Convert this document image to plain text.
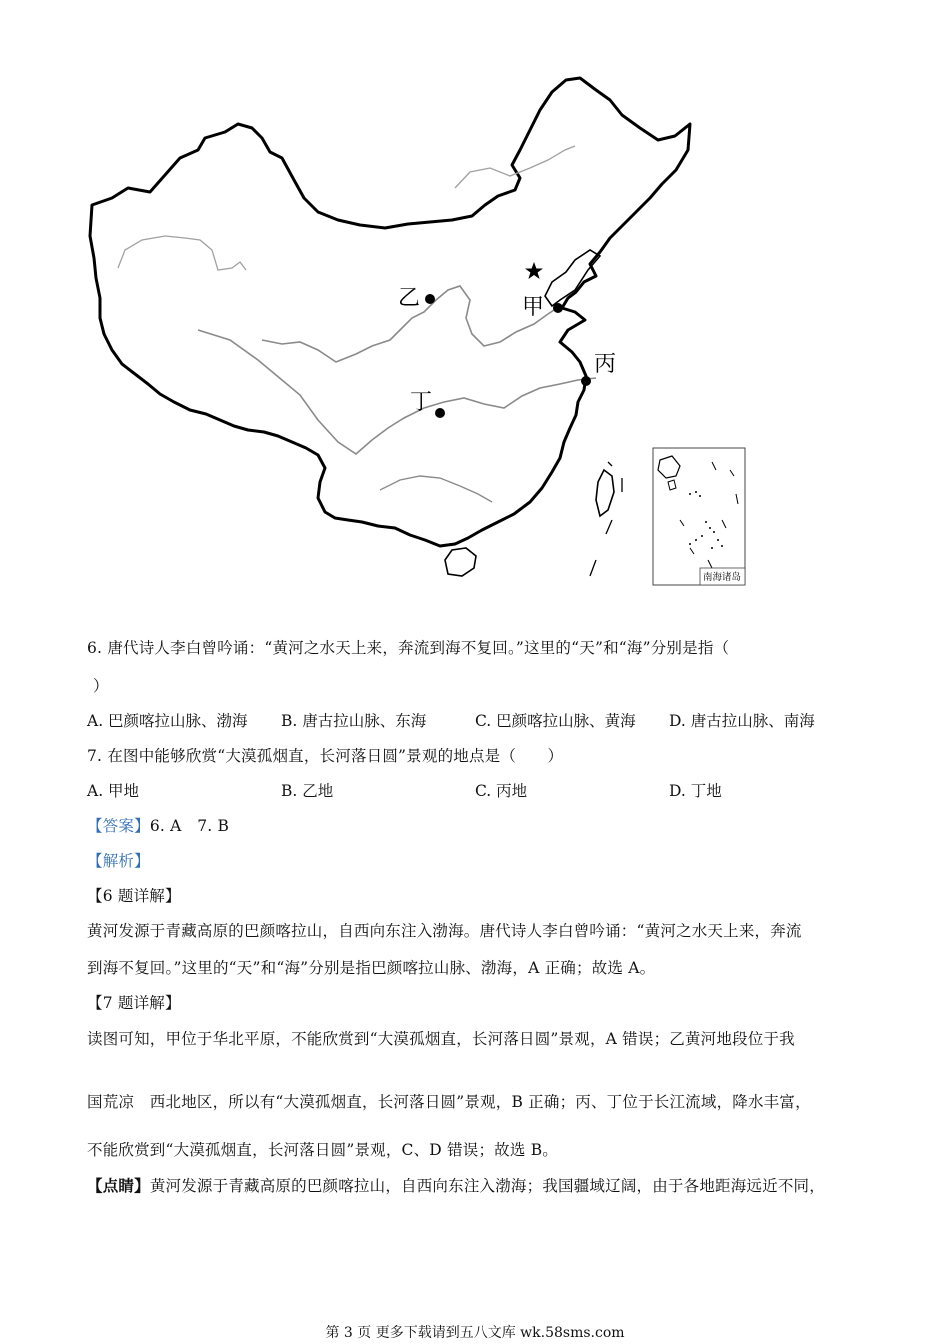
甲
乙
丙
丁
南海诸岛
6. 唐代诗人李白曾吟诵：“黄河之水天上来，奔流到海不复回。”这里的“天”和“海”分别是指（
）
A. 巴颜喀拉山脉、渤海 B. 唐古拉山脉、东海	C. 巴颜喀拉山脉、黄海 D. 唐古拉山脉、南海
7. 在图中能够欣赏“大漠孤烟直，长河落日圆”景观的地点是（　　）
A. 甲地	B. 乙地	C. 丙地	D. 丁地
【答案】6. A　7. B
【解析】
【6 题详解】
黄河发源于青藏高原的巴颜喀拉山，自西向东注入渤海。唐代诗人李白曾吟诵：“黄河之水天上来，奔流
到海不复回。”这里的“天”和“海”分别是指巴颜喀拉山脉、渤海，A 正确；故选 A。
【7 题详解】
读图可知，甲位于华北平原，不能欣赏到“大漠孤烟直，长河落日圆”景观，A 错误；乙黄河地段位于我
国荒凉　西北地区，所以有“大漠孤烟直，长河落日圆”景观，B 正确；丙、丁位于长江流域，降水丰富，
不能欣赏到“大漠孤烟直，长河落日圆”景观，C、D 错误；故选 B。
【点睛】黄河发源于青藏高原的巴颜喀拉山，自西向东注入渤海；我国疆域辽阔，由于各地距海远近不同，
第 3 页 更多下载请到五八文库 wk.58sms.com
